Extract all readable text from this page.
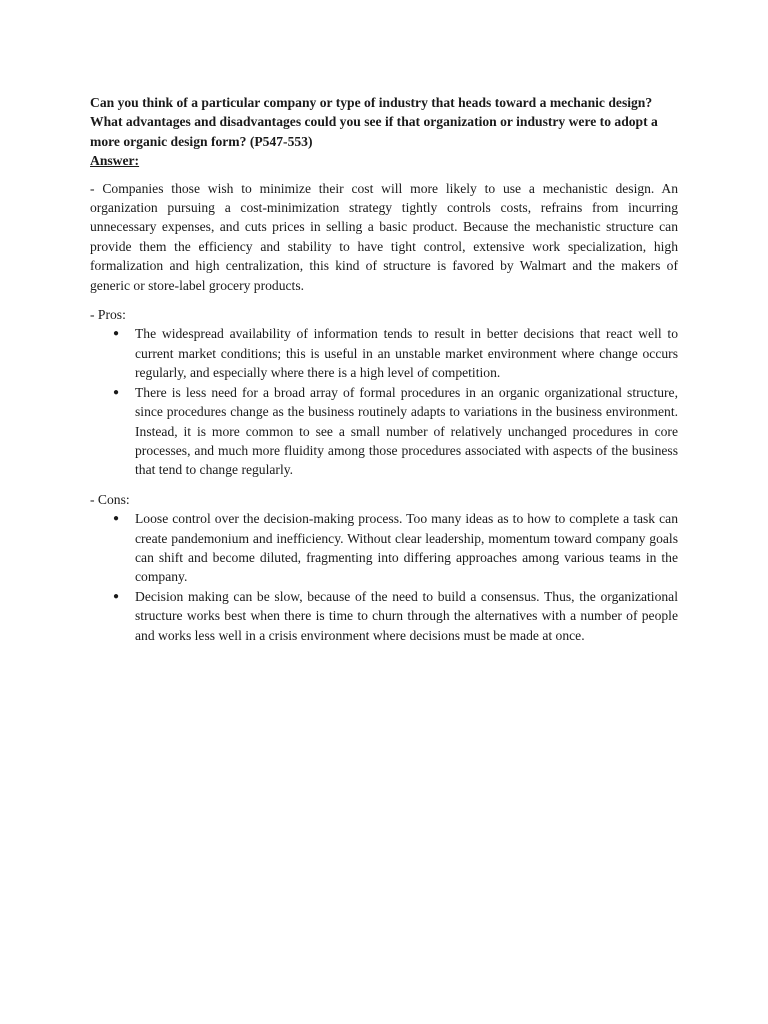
Can you think of a particular company or type of industry that heads toward a mechanic design? What advantages and disadvantages could you see if that organization or industry were to adopt a more organic design form? (P547-553)

Answer:

- Companies those wish to minimize their cost will more likely to use a mechanistic design. An organization pursuing a cost-minimization strategy tightly controls costs, refrains from incurring unnecessary expenses, and cuts prices in selling a basic product. Because the mechanistic structure can provide them the efficiency and stability to have tight control, extensive work specialization, high formalization and high centralization, this kind of structure is favored by Walmart and the makers of generic or store-label grocery products.

- Pros:

● The widespread availability of information tends to result in better decisions that react well to current market conditions; this is useful in an unstable market environment where change occurs regularly, and especially where there is a high level of competition.
● There is less need for a broad array of formal procedures in an organic organizational structure, since procedures change as the business routinely adapts to variations in the business environment. Instead, it is more common to see a small number of relatively unchanged procedures in core processes, and much more fluidity among those procedures associated with aspects of the business that tend to change regularly.

- Cons:

● Loose control over the decision-making process. Too many ideas as to how to complete a task can create pandemonium and inefficiency. Without clear leadership, momentum toward company goals can shift and become diluted, fragmenting into differing approaches among various teams in the company.
● Decision making can be slow, because of the need to build a consensus. Thus, the organizational structure works best when there is time to churn through the alternatives with a number of people and works less well in a crisis environment where decisions must be made at once.
